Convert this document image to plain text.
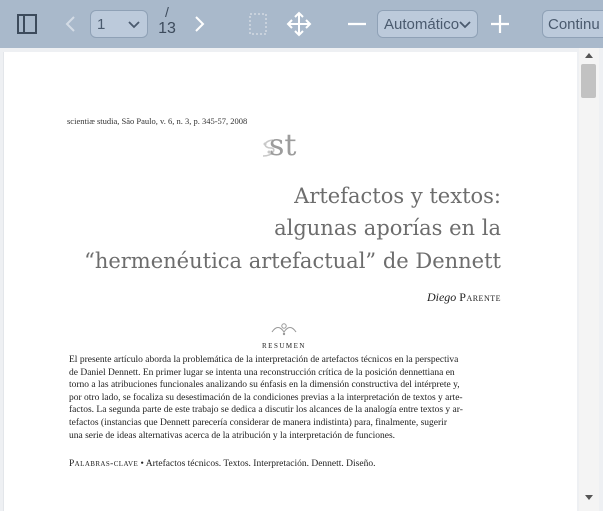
1
/
13	Automático	Continu
scientiæ studia, São Paulo, v. 6, n. 3, p. 345-57, 2008
st
Artefactos y textos:
algunas aporías en la
“hermenéutica artefactual” de Dennett
Diego Parente
resumen
El presente artículo aborda la problemática de la interpretación de artefactos técnicos en la perspectiva
de Daniel Dennett. En primer lugar se intenta una reconstrucción crítica de la posición dennettiana en
torno a las atribuciones funcionales analizando su énfasis en la dimensión constructiva del intérprete y,
por otro lado, se focaliza su desestimación de la condiciones previas a la interpretación de textos y arte-
factos. La segunda parte de este trabajo se dedica a discutir los alcances de la analogía entre textos y ar-
tefactos (instancias que Dennett parecería considerar de manera indistinta) para, finalmente, sugerir
una serie de ideas alternativas acerca de la atribución y la interpretación de funciones.
Palabras-clave • Artefactos técnicos. Textos. Interpretación. Dennett. Diseño.
